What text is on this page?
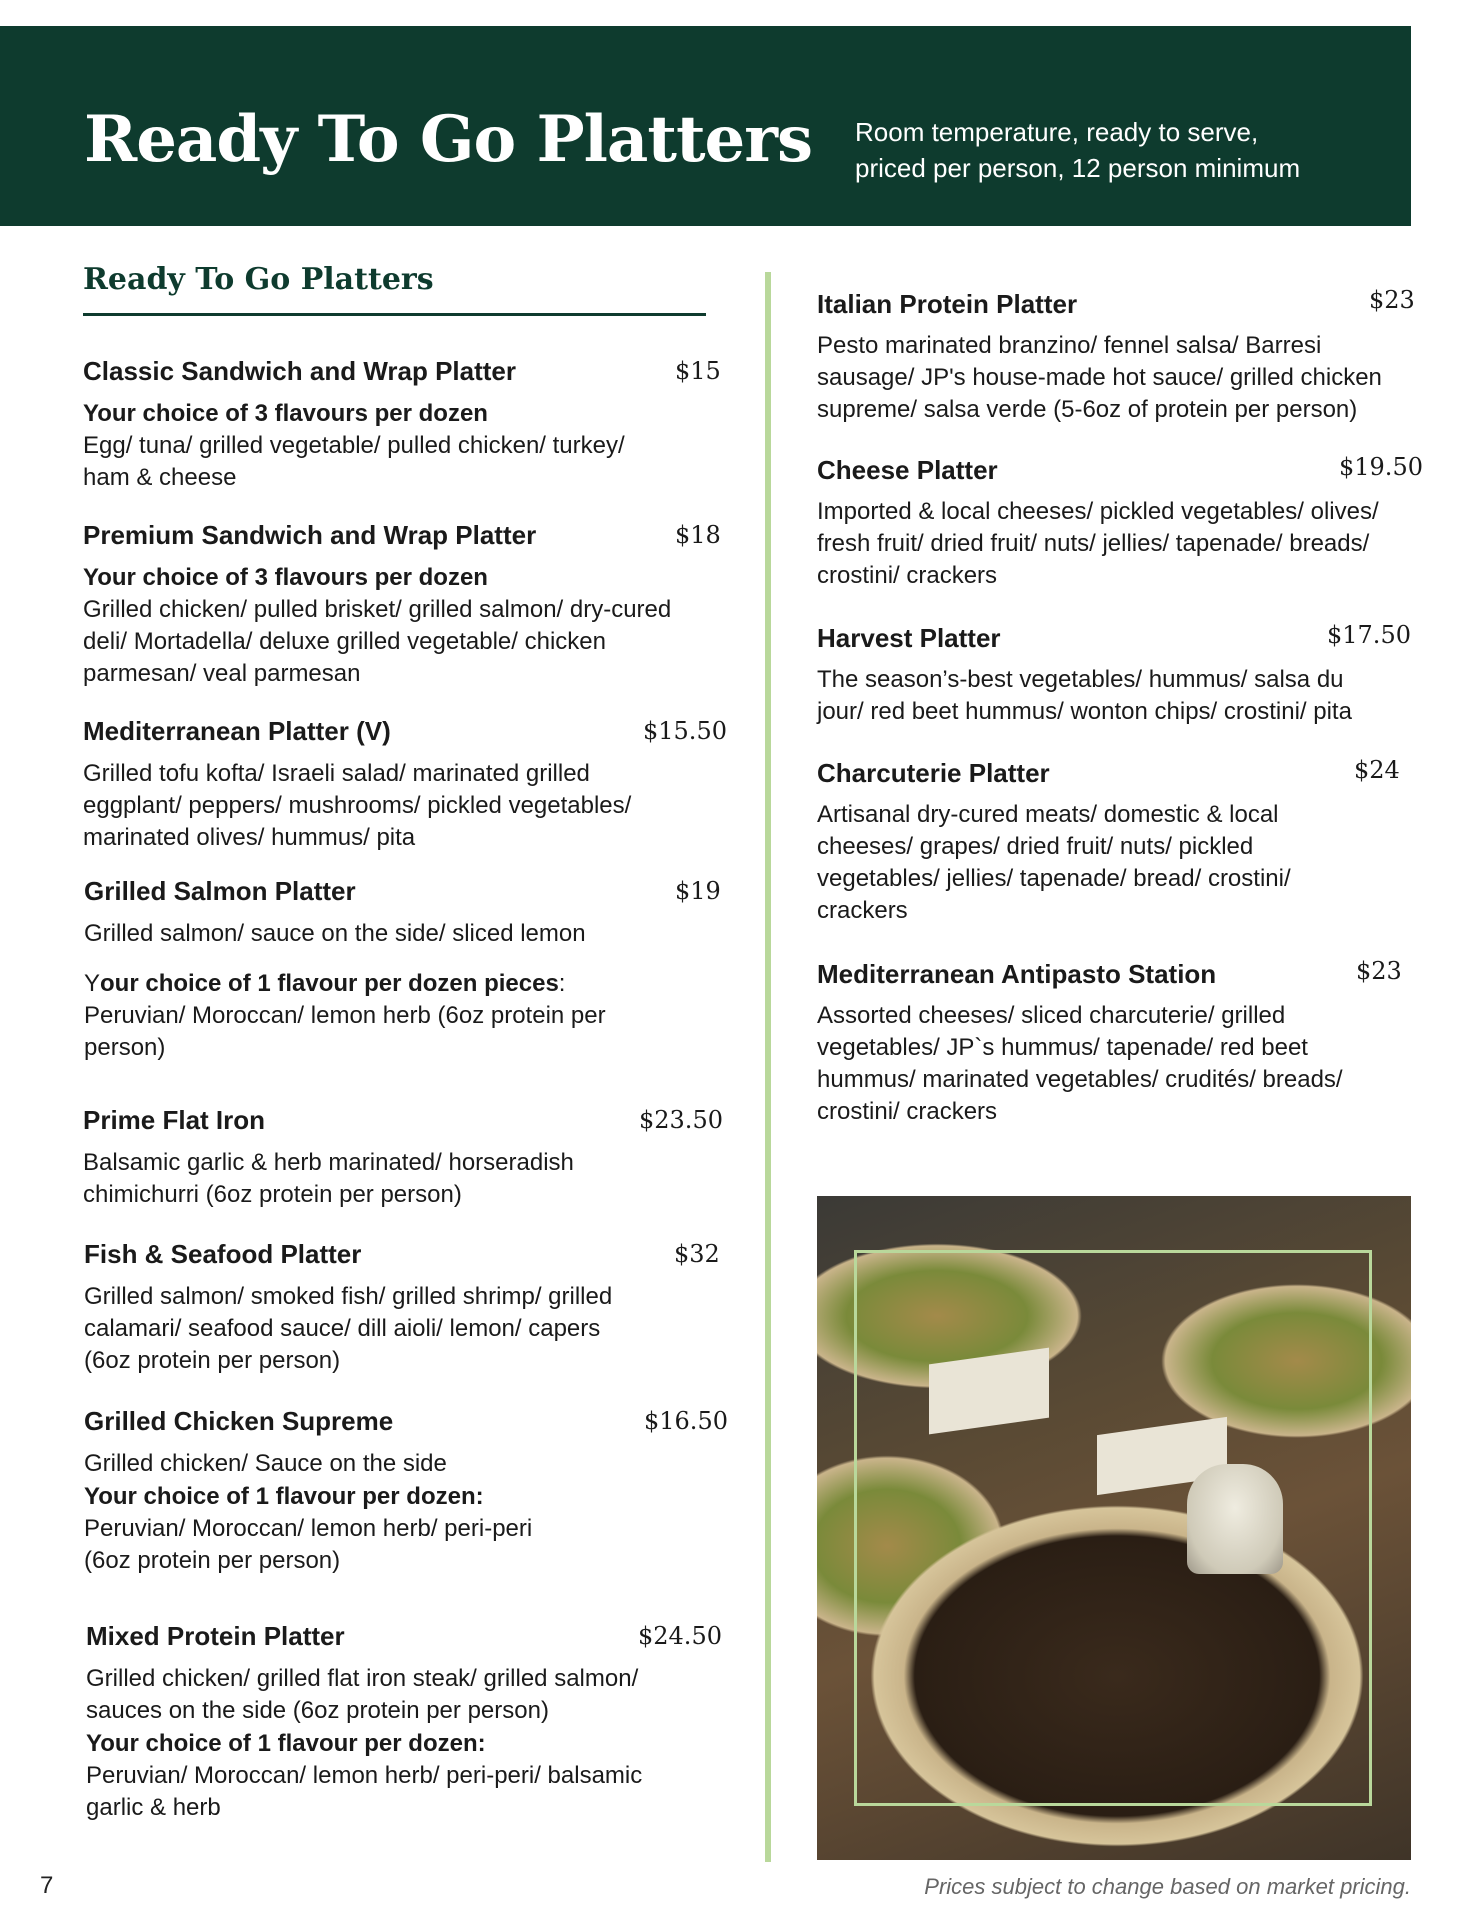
Ready To Go Platters Room temperature, ready to serve,
priced per person, 12 person minimum
Ready To Go Platters
Classic Sandwich and Wrap Platter	$15
Your choice of 3 flavours per dozen
Egg/ tuna/ grilled vegetable/ pulled chicken/ turkey/
ham & cheese
Premium Sandwich and Wrap Platter	$18
Your choice of 3 flavours per dozen
Grilled chicken/ pulled brisket/ grilled salmon/ dry-cured
deli/ Mortadella/ deluxe grilled vegetable/ chicken
parmesan/ veal parmesan
Mediterranean Platter (V)	$15.50
Grilled tofu kofta/ Israeli salad/ marinated grilled
eggplant/ peppers/ mushrooms/ pickled vegetables/
marinated olives/ hummus/ pita
Grilled Salmon Platter	$19
Grilled salmon/ sauce on the side/ sliced lemon
Your choice of 1 flavour per dozen pieces:
Peruvian/ Moroccan/ lemon herb (6oz protein per
person)
Prime Flat Iron	$23.50
Balsamic garlic & herb marinated/ horseradish
chimichurri (6oz protein per person)
Fish & Seafood Platter	$32
Grilled salmon/ smoked fish/ grilled shrimp/ grilled
calamari/ seafood sauce/ dill aioli/ lemon/ capers
(6oz protein per person)
Grilled Chicken Supreme	$16.50
Grilled chicken/ Sauce on the side
Your choice of 1 flavour per dozen:
Peruvian/ Moroccan/ lemon herb/ peri-peri
(6oz protein per person)
Mixed Protein Platter	$24.50
Grilled chicken/ grilled flat iron steak/ grilled salmon/
sauces on the side (6oz protein per person)
Your choice of 1 flavour per dozen:
Peruvian/ Moroccan/ lemon herb/ peri-peri/ balsamic
garlic & herb
Italian Protein Platter	$23
Pesto marinated branzino/ fennel salsa/ Barresi
sausage/ JP's house-made hot sauce/ grilled chicken
supreme/ salsa verde (5-6oz of protein per person)
Cheese Platter	$19.50
Imported & local cheeses/ pickled vegetables/ olives/
fresh fruit/ dried fruit/ nuts/ jellies/ tapenade/ breads/
crostini/ crackers
Harvest Platter	$17.50
The season’s-best vegetables/ hummus/ salsa du
jour/ red beet hummus/ wonton chips/ crostini/ pita
Charcuterie Platter	$24
Artisanal dry-cured meats/ domestic & local
cheeses/ grapes/ dried fruit/ nuts/ pickled
vegetables/ jellies/ tapenade/ bread/ crostini/
crackers
Mediterranean Antipasto Station	$23
Assorted cheeses/ sliced charcuterie/ grilled
vegetables/ JP`s hummus/ tapenade/ red beet
hummus/ marinated vegetables/ crudités/ breads/
crostini/ crackers
7	Prices subject to change based on market pricing.
